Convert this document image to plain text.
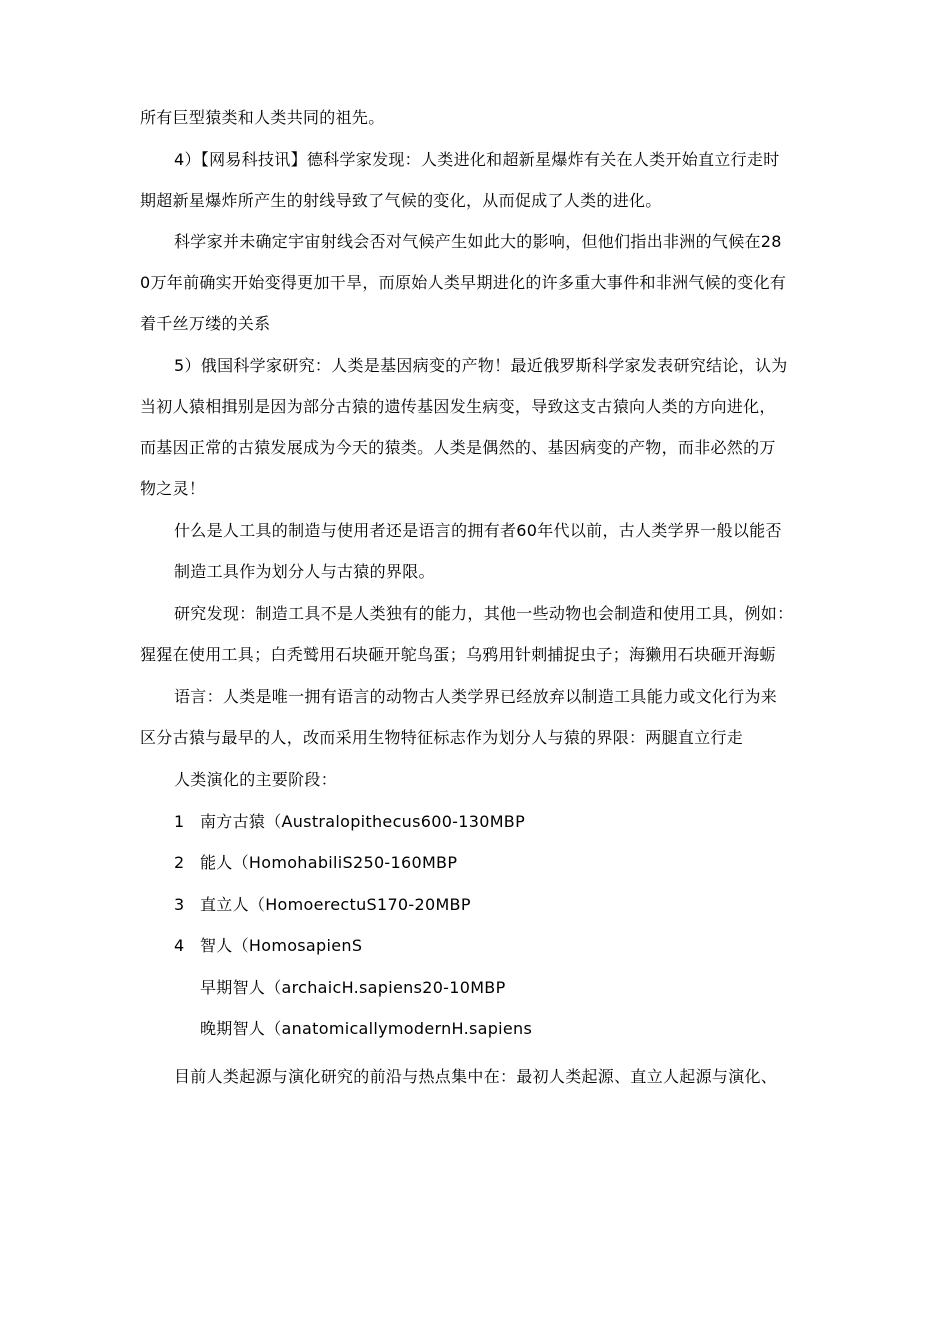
所有巨型猿类和人类共同的祖先。
4）【网易科技讯】德科学家发现：人类进化和超新星爆炸有关在人类开始直立行走时
期超新星爆炸所产生的射线导致了气候的变化，从而促成了人类的进化。
科学家并未确定宇宙射线会否对气候产生如此大的影响，但他们指出非洲的气候在28
0万年前确实开始变得更加干旱，而原始人类早期进化的许多重大事件和非洲气候的变化有
着千丝万缕的关系
5）俄国科学家研究：人类是基因病变的产物！最近俄罗斯科学家发表研究结论，认为
当初人猿相揖别是因为部分古猿的遗传基因发生病变，导致这支古猿向人类的方向进化，
而基因正常的古猿发展成为今天的猿类。人类是偶然的、基因病变的产物，而非必然的万
物之灵！
什么是人工具的制造与使用者还是语言的拥有者60年代以前，古人类学界一般以能否
制造工具作为划分人与古猿的界限。
研究发现：制造工具不是人类独有的能力，其他一些动物也会制造和使用工具，例如：
猩猩在使用工具；白秃鹫用石块砸开鸵鸟蛋；乌鸦用针刺捕捉虫子；海獭用石块砸开海蛎
语言：人类是唯一拥有语言的动物古人类学界已经放弃以制造工具能力或文化行为来
区分古猿与最早的人，改而采用生物特征标志作为划分人与猿的界限：两腿直立行走
人类演化的主要阶段：
1 南方古猿（Australopithecus600-130MBP
2 能人（HomohabiliS250-160MBP
3 直立人（HomoerectuS170-20MBP
4 智人（HomosapienS
早期智人（archaicH.sapiens20-10MBP
晚期智人（anatomicallymodernH.sapiens
目前人类起源与演化研究的前沿与热点集中在：最初人类起源、直立人起源与演化、
